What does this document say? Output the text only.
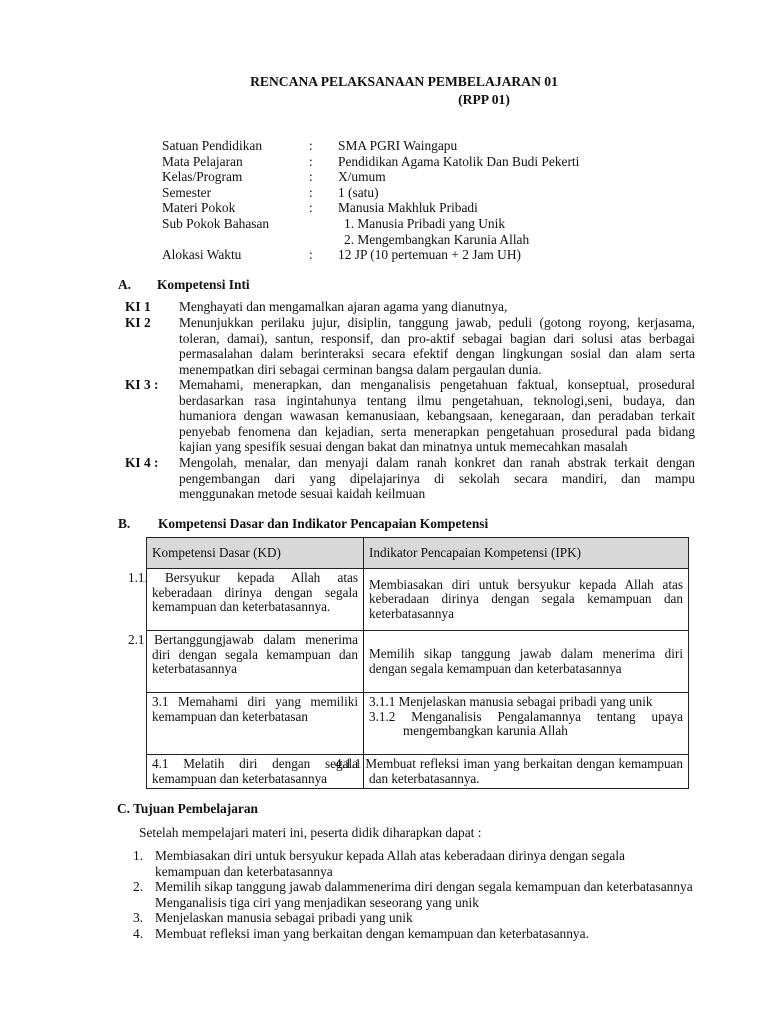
RENCANA PELAKSANAAN PEMBELAJARAN 01
(RPP 01)
Satuan Pendidikan	:	SMA PGRI Waingapu
Mata Pelajaran	:	Pendidikan Agama Katolik Dan Budi Pekerti
Kelas/Program	:	X/umum
Semester	:	1 (satu)
Materi Pokok	:	Manusia Makhluk Pribadi
Sub Pokok Bahasan	1. Manusia Pribadi yang Unik
2. Mengembangkan Karunia Allah
Alokasi Waktu	:	12 JP (10 pertemuan + 2 Jam UH)
A. Kompetensi Inti
KI 1 Menghayati dan mengamalkan ajaran agama yang dianutnya,
KI 2 Menunjukkan perilaku jujur, disiplin, tanggung jawab, peduli (gotong royong, kerjasama,
toleran, damai), santun, responsif, dan pro-aktif sebagai bagian dari solusi atas berbagai
permasalahan dalam berinteraksi secara efektif dengan lingkungan sosial dan alam serta
menempatkan diri sebagai cerminan bangsa dalam pergaulan dunia.
KI 3 : Memahami, menerapkan, dan menganalisis pengetahuan faktual, konseptual, prosedural
berdasarkan rasa ingintahunya tentang ilmu pengetahuan, teknologi,seni, budaya, dan
humaniora dengan wawasan kemanusiaan, kebangsaan, kenegaraan, dan peradaban terkait
penyebab fenomena dan kejadian, serta menerapkan pengetahuan prosedural pada bidang
kajian yang spesifik sesuai dengan bakat dan minatnya untuk memecahkan masalah
KI 4 : Mengolah, menalar, dan menyaji dalam ranah konkret dan ranah abstrak terkait dengan
pengembangan dari yang dipelajarinya di sekolah secara mandiri, dan mampu
menggunakan metode sesuai kaidah keilmuan
B. Kompetensi Dasar dan Indikator Pencapaian Kompetensi
Kompetensi Dasar (KD)	Indikator Pencapaian Kompetensi (IPK)
1.1. Bersyukur kepada Allah atas keberadaan dirinya dengan segala kemampuan dan keterbatasannya.	Membiasakan diri untuk bersyukur kepada Allah atas keberadaan dirinya dengan segala kemampuan dan keterbatasannya
2.1 Bertanggungjawab dalam menerima diri dengan segala kemampuan dan keterbatasannya	Memilih sikap tanggung jawab dalam menerima diri dengan segala kemampuan dan keterbatasannya
3.1 Memahami diri yang memiliki kemampuan dan keterbatasan	3.1.1 Menjelaskan manusia sebagai pribadi yang unik
3.1.2 Menganalisis Pengalamannya tentang upaya mengembangkan karunia Allah

4.1 Melatih diri dengan segala kemampuan dan keterbatasannya	4.1.1 Membuat refleksi iman yang berkaitan dengan kemampuan dan keterbatasannya.
C. Tujuan Pembelajaran
Setelah mempelajari materi ini, peserta didik diharapkan dapat :
1. Membiasakan diri untuk bersyukur kepada Allah atas keberadaan dirinya dengan segala kemampuan dan keterbatasannya
2. Memilih sikap tanggung jawab dalammenerima diri dengan segala kemampuan dan keterbatasannya Menganalisis tiga ciri yang menjadikan seseorang yang unik
3. Menjelaskan manusia sebagai pribadi yang unik
4. Membuat refleksi iman yang berkaitan dengan kemampuan dan keterbatasannya.
